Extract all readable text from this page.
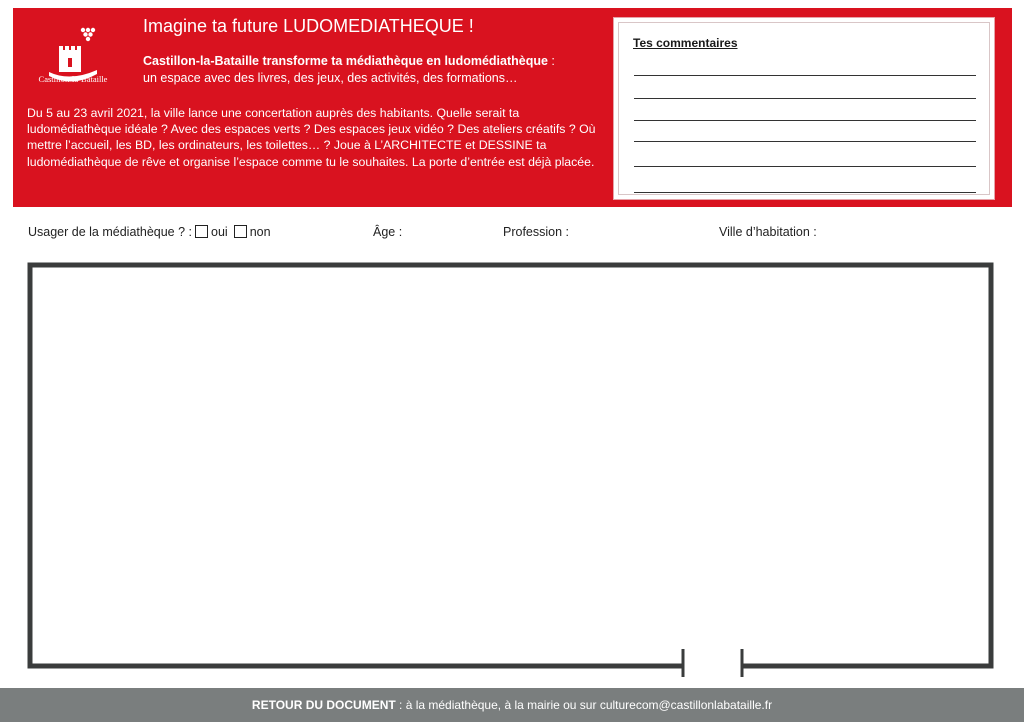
Castillon-la-Bataille
Imagine ta future LUDOMEDIATHEQUE !
Castillon-la-Bataille transforme ta médiathèque en ludomédiathèque :
un espace avec des livres, des jeux, des activités, des formations…
Du 5 au 23 avril 2021, la ville lance une concertation auprès des habitants. Quelle serait ta ludomédiathèque idéale ? Avec des espaces verts ? Des espaces jeux vidéo ? Des ateliers créatifs ? Où mettre l’accueil, les BD, les ordinateurs, les toilettes… ? Joue à L’ARCHITECTE et DESSINE ta ludomédiathèque de rêve et organise l’espace comme tu le souhaites. La porte d’entrée est déjà placée.
Tes commentaires
Usager de la médiathèque ? : oui non	Âge :	Profession :	Ville d’habitation :
RETOUR DU DOCUMENT : à la médiathèque, à la mairie ou sur culturecom@castillonlabataille.fr
